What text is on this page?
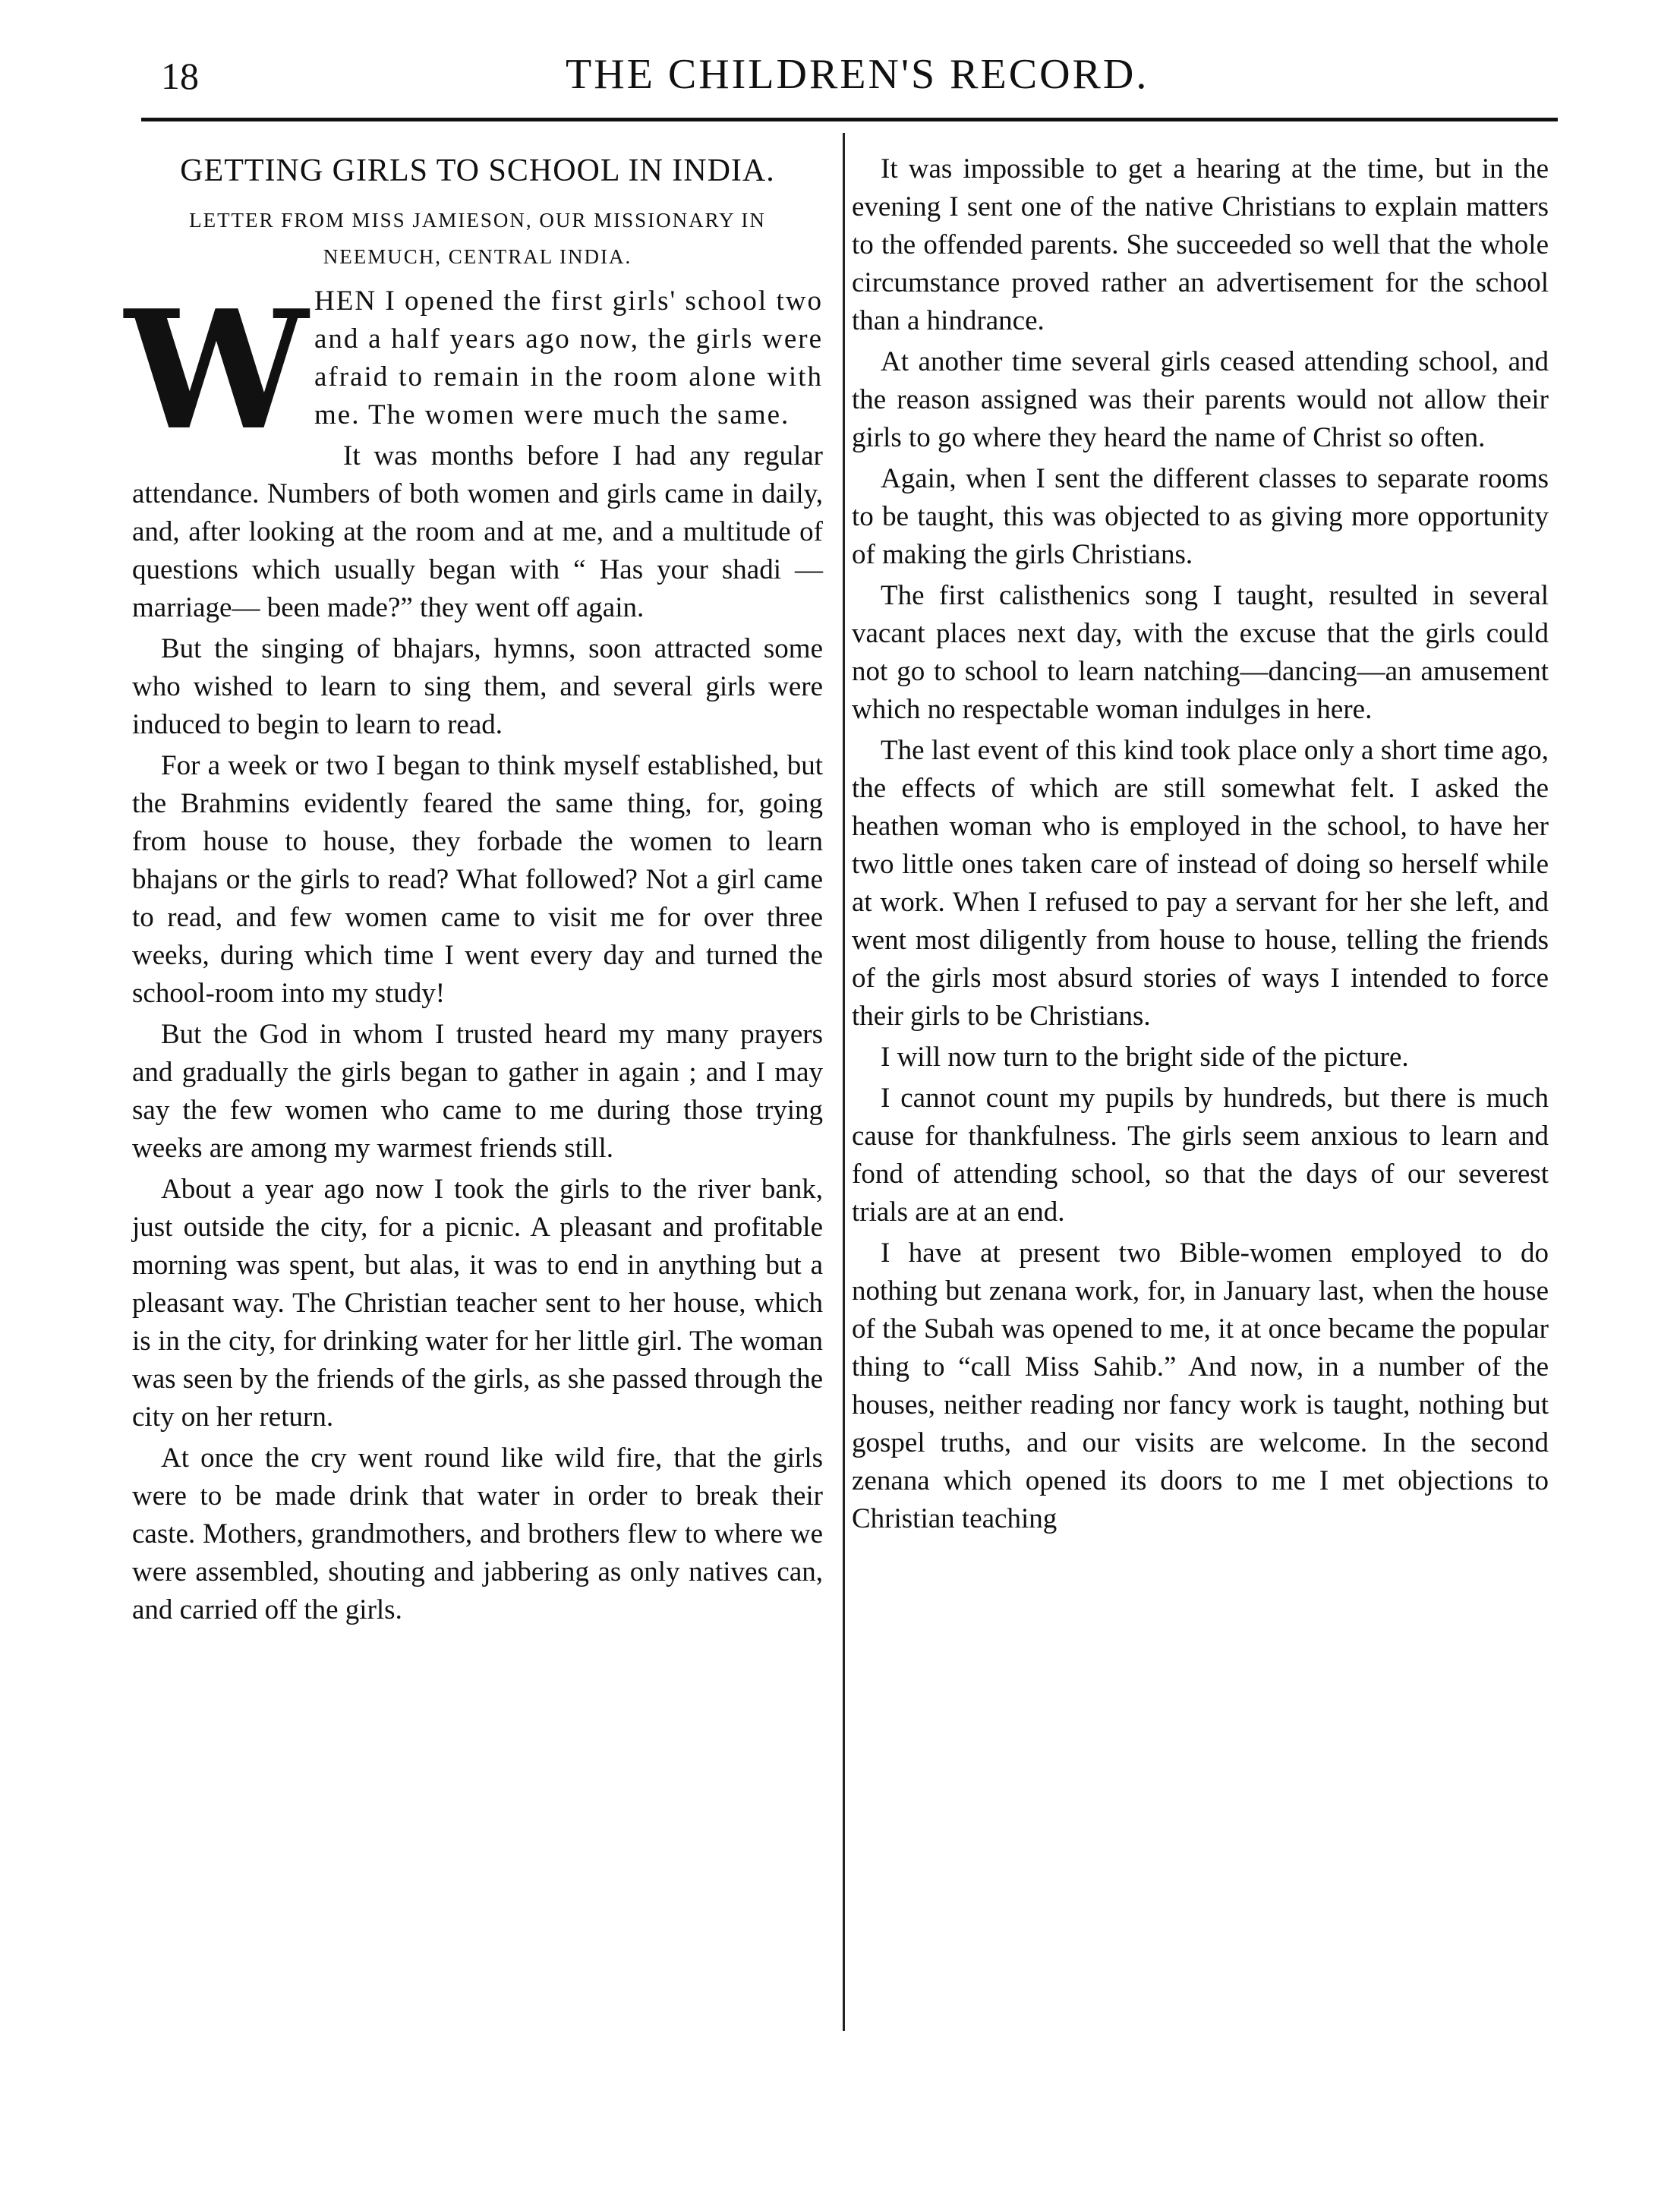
18	THE CHILDREN'S RECORD.
GETTING GIRLS TO SCHOOL IN INDIA.
LETTER FROM MISS JAMIESON, OUR MISSIONARY IN NEEMUCH, CENTRAL INDIA.

WHEN I opened the first girls' school two and a half years ago now, the girls were afraid to remain in the room alone with me. The women were much the same.

It was months before I had any regular attendance. Numbers of both women and girls came in daily, and, after looking at the room and at me, and a multitude of questions which usually began with “ Has your shadi —marriage— been made?” they went off again.

But the singing of bhajars, hymns, soon attracted some who wished to learn to sing them, and several girls were induced to begin to learn to read.

For a week or two I began to think myself established, but the Brahmins evidently feared the same thing, for, going from house to house, they forbade the women to learn bhajans or the girls to read? What followed? Not a girl came to read, and few women came to visit me for over three weeks, during which time I went every day and turned the school-room into my study!

But the God in whom I trusted heard my many prayers and gradually the girls began to gather in again ; and I may say the few women who came to me during those trying weeks are among my warmest friends still.

About a year ago now I took the girls to the river bank, just outside the city, for a picnic. A pleasant and profitable morning was spent, but alas, it was to end in anything but a pleasant way. The Christian teacher sent to her house, which is in the city, for drinking water for her little girl. The woman was seen by the friends of the girls, as she passed through the city on her return.

At once the cry went round like wild fire, that the girls were to be made drink that water in order to break their caste. Mothers, grandmothers, and brothers flew to where we were assembled, shouting and jabbering as only natives can, and carried off the girls.

It was impossible to get a hearing at the time, but in the evening I sent one of the native Christians to explain matters to the offended parents. She succeeded so well that the whole circumstance proved rather an advertisement for the school than a hindrance.

At another time several girls ceased attending school, and the reason assigned was their parents would not allow their girls to go where they heard the name of Christ so often.

Again, when I sent the different classes to separate rooms to be taught, this was objected to as giving more opportunity of making the girls Christians.

The first calisthenics song I taught, resulted in several vacant places next day, with the excuse that the girls could not go to school to learn natching—dancing—an amusement which no respectable woman indulges in here.

The last event of this kind took place only a short time ago, the effects of which are still somewhat felt. I asked the heathen woman who is employed in the school, to have her two little ones taken care of instead of doing so herself while at work. When I refused to pay a servant for her she left, and went most diligently from house to house, telling the friends of the girls most absurd stories of ways I intended to force their girls to be Christians.

I will now turn to the bright side of the picture.

I cannot count my pupils by hundreds, but there is much cause for thankfulness. The girls seem anxious to learn and fond of attending school, so that the days of our severest trials are at an end.

I have at present two Bible-women employed to do nothing but zenana work, for, in January last, when the house of the Subah was opened to me, it at once became the popular thing to “call Miss Sahib.” And now, in a number of the houses, neither reading nor fancy work is taught, nothing but gospel truths, and our visits are welcome. In the second zenana which opened its doors to me I met objections to Christian teaching
